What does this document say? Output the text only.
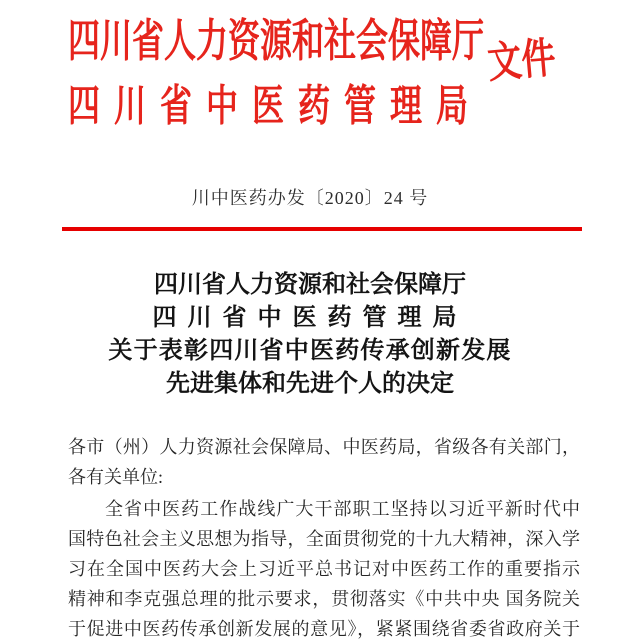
四川省人力资源和社会保障厅
四川省中医药管理局
文件
川中医药办发〔2020〕24 号
四川省人力资源和社会保障厅
四川省中医药管理局
关于表彰四川省中医药传承创新发展
先进集体和先进个人的决定
各市（州）人力资源社会保障局、中医药局，省级各有关部门，
各有关单位:
全省中医药工作战线广大干部职工坚持以习近平新时代中
国特色社会主义思想为指导，全面贯彻党的十九大精神，深入学
习在全国中医药大会上习近平总书记对中医药工作的重要指示
精神和李克强总理的批示要求，贯彻落实《中共中央 国务院关
于促进中医药传承创新发展的意见》，紧紧围绕省委省政府关于
